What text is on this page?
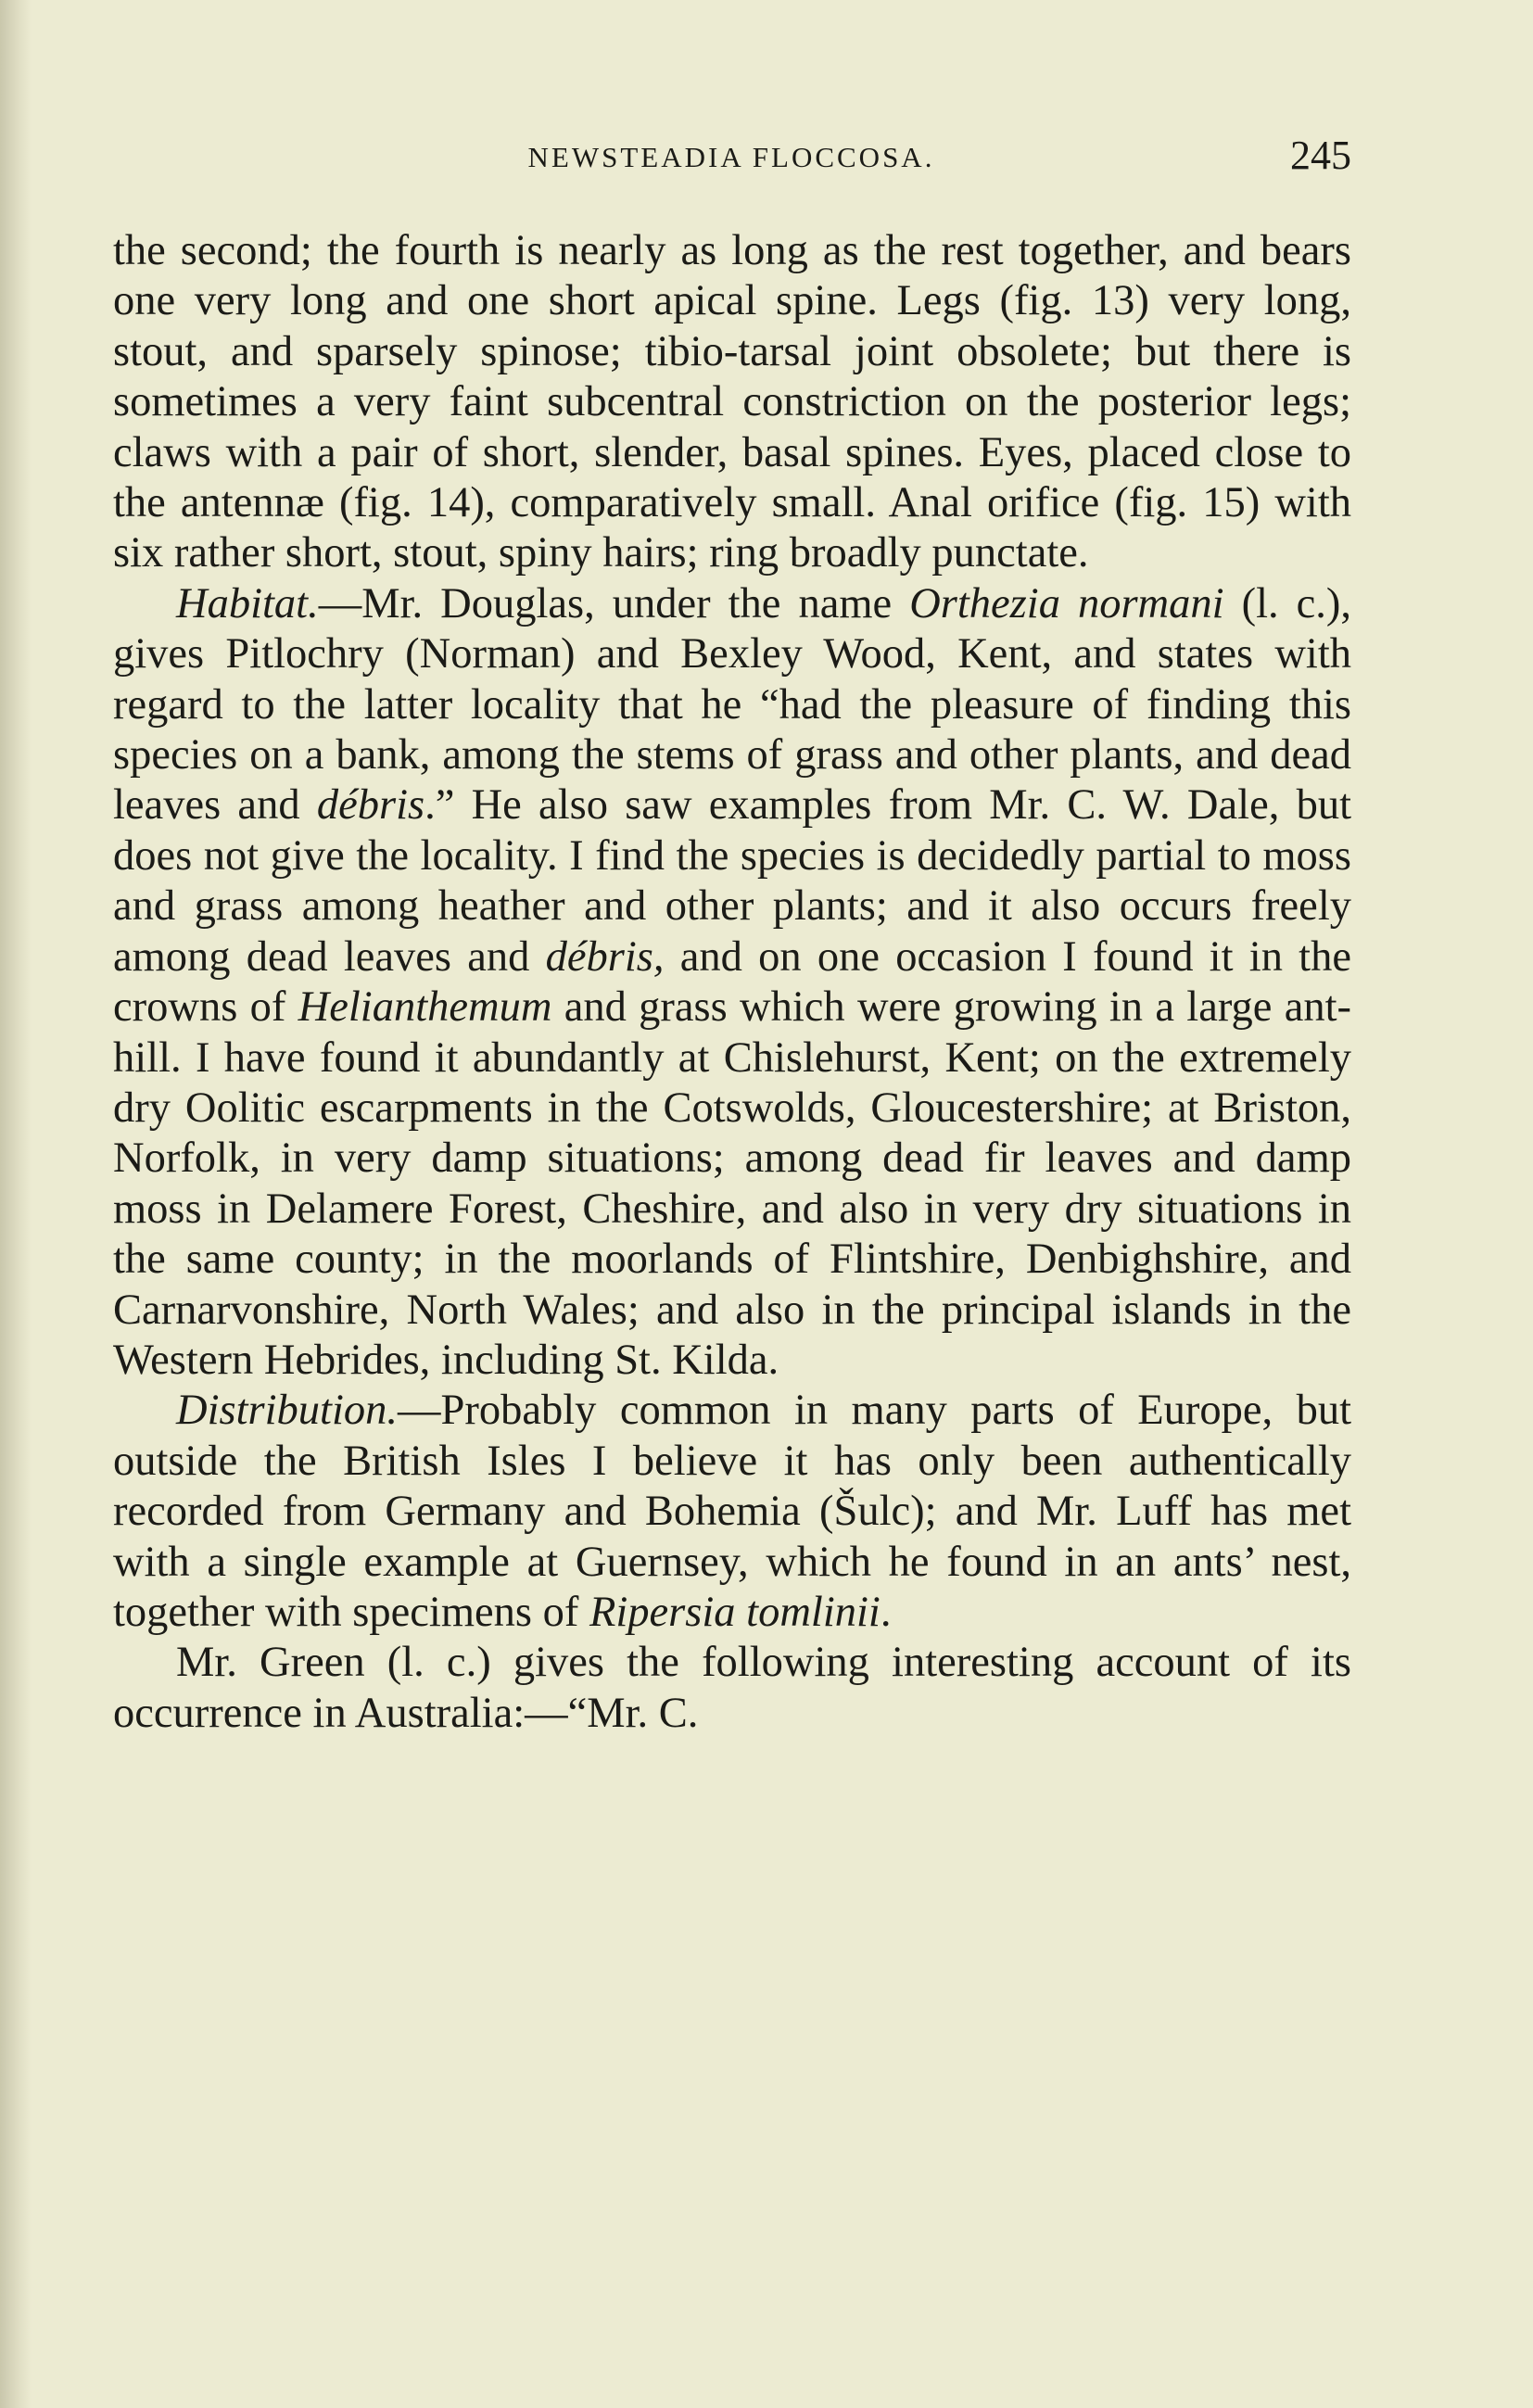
NEWSTEADIA FLOCCOSA.	245

the second; the fourth is nearly as long as the rest together, and bears one very long and one short apical spine. Legs (fig. 13) very long, stout, and sparsely spinose; tibio-tarsal joint obsolete; but there is sometimes a very faint subcentral constriction on the posterior legs; claws with a pair of short, slender, basal spines. Eyes, placed close to the antennæ (fig. 14), comparatively small. Anal orifice (fig. 15) with six rather short, stout, spiny hairs; ring broadly punctate.

Habitat.—Mr. Douglas, under the name Orthezia normani (l. c.), gives Pitlochry (Norman) and Bexley Wood, Kent, and states with regard to the latter locality that he “had the pleasure of finding this species on a bank, among the stems of grass and other plants, and dead leaves and débris.” He also saw examples from Mr. C. W. Dale, but does not give the locality. I find the species is decidedly partial to moss and grass among heather and other plants; and it also occurs freely among dead leaves and débris, and on one occasion I found it in the crowns of Helianthemum and grass which were growing in a large ant-hill. I have found it abundantly at Chislehurst, Kent; on the extremely dry Oolitic escarpments in the Cotswolds, Gloucestershire; at Briston, Norfolk, in very damp situations; among dead fir leaves and damp moss in Delamere Forest, Cheshire, and also in very dry situations in the same county; in the moorlands of Flintshire, Denbighshire, and Carnarvonshire, North Wales; and also in the principal islands in the Western Hebrides, including St. Kilda.

Distribution.—Probably common in many parts of Europe, but outside the British Isles I believe it has only been authentically recorded from Germany and Bohemia (Šulc); and Mr. Luff has met with a single example at Guernsey, which he found in an ants’ nest, together with specimens of Ripersia tomlinii.

Mr. Green (l. c.) gives the following interesting account of its occurrence in Australia:—“Mr. C.
